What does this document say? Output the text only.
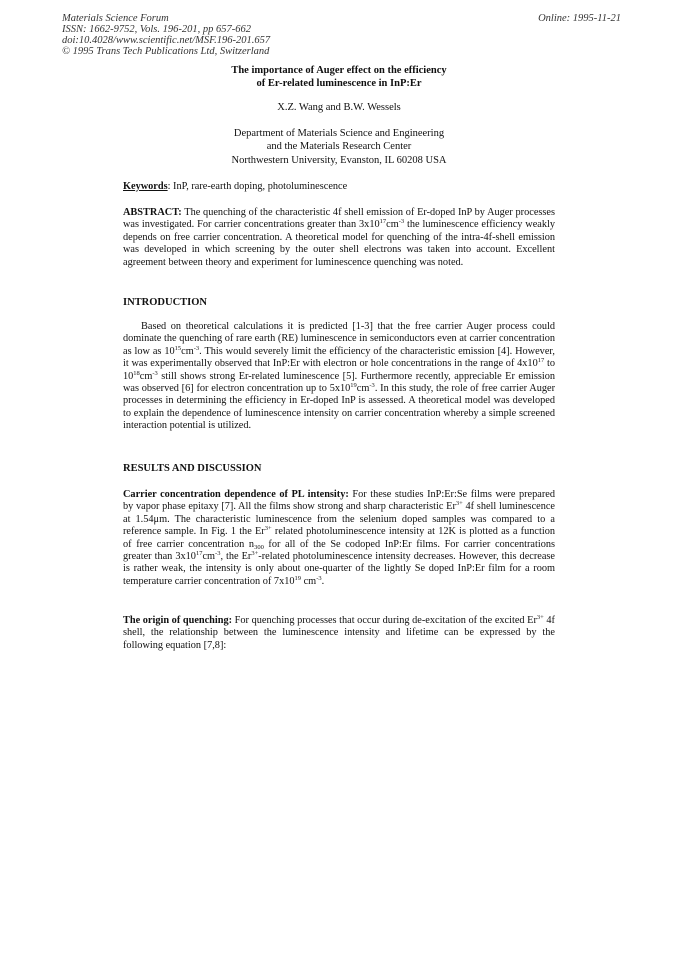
Materials Science Forum
ISSN: 1662-9752, Vols. 196-201, pp 657-662
doi:10.4028/www.scientific.net/MSF.196-201.657
© 1995 Trans Tech Publications Ltd, Switzerland
Online: 1995-11-21
The importance of Auger effect on the efficiency
of Er-related luminescence in InP:Er
X.Z. Wang and B.W. Wessels
Department of Materials Science and Engineering
and the Materials Research Center
Northwestern University, Evanston, IL 60208 USA
Keywords: InP, rare-earth doping, photoluminescence
ABSTRACT: The quenching of the characteristic 4f shell emission of Er-doped InP by Auger processes was investigated. For carrier concentrations greater than $3x10^{17}cm^{-3}$ the luminescence efficiency weakly depends on free carrier concentration. A theoretical model for quenching of the intra-4f-shell emission was developed in which screening by the outer shell electrons was taken into account. Excellent agreement between theory and experiment for luminescence quenching was noted.
INTRODUCTION
Based on theoretical calculations it is predicted [1-3] that the free carrier Auger process could dominate the quenching of rare earth (RE) luminescence in semiconductors even at carrier concentration as low as $10^{15}cm^{-3}$. This would severely limit the efficiency of the characteristic emission [4]. However, it was experimentally observed that InP:Er with electron or hole concentrations in the range of $4x10^{17}$ to $10^{18}cm^{-3}$ still shows strong Er-related luminescence [5]. Furthermore recently, appreciable Er emission was observed [6] for electron concentration up to $5x10^{19}cm^{-3}$. In this study, the role of free carrier Auger processes in determining the efficiency in Er-doped InP is assessed. A theoretical model was developed to explain the dependence of luminescence intensity on carrier concentration whereby a simple screened interaction potential is utilized.
RESULTS AND DISCUSSION
Carrier concentration dependence of PL intensity: For these studies InP:Er:Se films were prepared by vapor phase epitaxy [7]. All the films show strong and sharp characteristic $Er^{3+}$ 4f shell luminescence at 1.54μm. The characteristic luminescence from the selenium doped samples was compared to a reference sample. In Fig. 1 the $Er^{3+}$ related photoluminescence intensity at 12K is plotted as a function of free carrier concentration $n_{300}$ for all of the Se codoped InP:Er films. For carrier concentrations greater than $3x10^{17}cm^{-3}$, the $Er^{3+}$-related photoluminescence intensity decreases. However, this decrease is rather weak, the intensity is only about one-quarter of the lightly Se doped InP:Er film for a room temperature carrier concentration of $7x10^{19}$ $cm^{-3}$.
The origin of quenching: For quenching processes that occur during de-excitation of the excited $Er^{3+}$ 4f shell, the relationship between the luminescence intensity and lifetime can be expressed by the following equation [7,8]:
